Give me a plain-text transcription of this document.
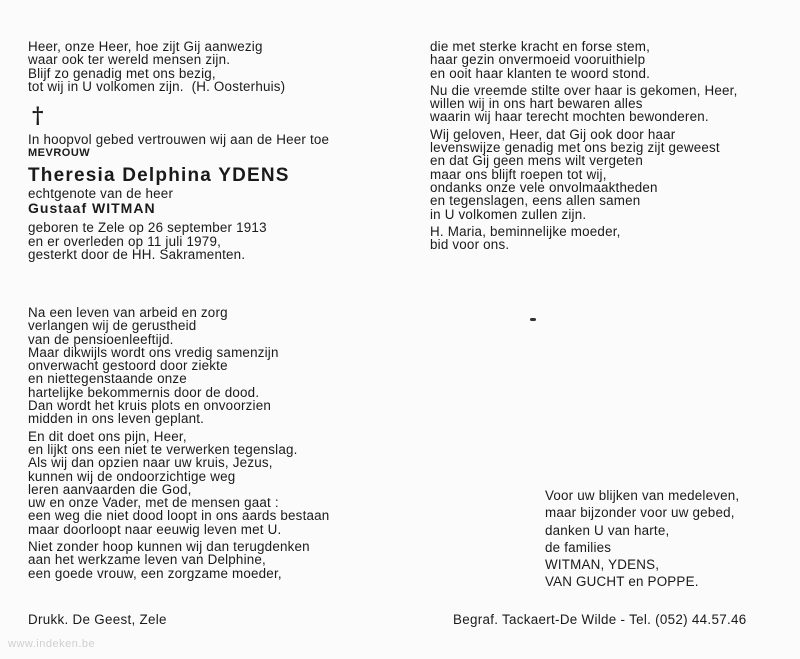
Heer, onze Heer, hoe zijt Gij aanwezig
waar ook ter wereld mensen zijn.
Blijf zo genadig met ons bezig,
tot wij in U volkomen zijn.  (H. Oosterhuis)
†
In hoopvol gebed vertrouwen wij aan de Heer toe
MEVROUW
Theresia Delphina YDENS
echtgenote van de heer
Gustaaf WITMAN
geboren te Zele op 26 september 1913
en er overleden op 11 juli 1979,
gesterkt door de HH. Sakramenten.
Na een leven van arbeid en zorg
verlangen wij de gerustheid
van de pensioenleeftijd.
Maar dikwijls wordt ons vredig samenzijn
onverwacht gestoord door ziekte
en niettegenstaande onze
hartelijke bekommernis door de dood.
Dan wordt het kruis plots en onvoorzien
midden in ons leven geplant.
En dit doet ons pijn, Heer,
en lijkt ons een niet te verwerken tegenslag.
Als wij dan opzien naar uw kruis, Jezus,
kunnen wij de ondoorzichtige weg
leren aanvaarden die God,
uw en onze Vader, met de mensen gaat :
een weg die niet dood loopt in ons aards bestaan
maar doorloopt naar eeuwig leven met U.
Niet zonder hoop kunnen wij dan terugdenken
aan het werkzame leven van Delphine,
een goede vrouw, een zorgzame moeder,
die met sterke kracht en forse stem,
haar gezin onvermoeid vooruithielp
en ooit haar klanten te woord stond.
Nu die vreemde stilte over haar is gekomen, Heer,
willen wij in ons hart bewaren alles
waarin wij haar terecht mochten bewonderen.
Wij geloven, Heer, dat Gij ook door haar
levenswijze genadig met ons bezig zijt geweest
en dat Gij geen mens wilt vergeten
maar ons blijft roepen tot wij,
ondanks onze vele onvolmaaktheden
en tegenslagen, eens allen samen
in U volkomen zullen zijn.
H. Maria, beminnelijke moeder,
bid voor ons.
Voor uw blijken van medeleven,
maar bijzonder voor uw gebed,
danken U van harte,
de families
WITMAN, YDENS,
VAN GUCHT en POPPE.
Drukk. De Geest, Zele	Begraf. Tackaert-De Wilde - Tel. (052) 44.57.46
www.indeken.be
